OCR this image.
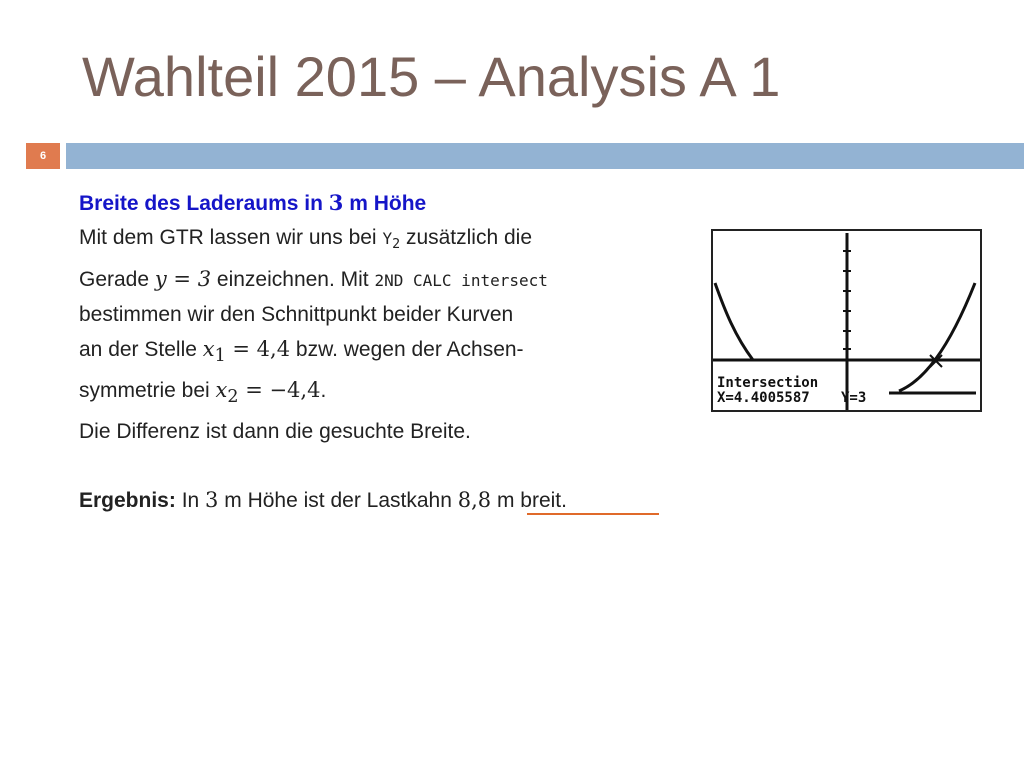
Wahlteil 2015 – Analysis A 1
6

Breite des Laderaums in 3 m Höhe

Mit dem GTR lassen wir uns bei $Y_2$ zusätzlich die

Gerade y = 3 einzeichnen. Mit 2ND CALC intersect

bestimmen wir den Schnittpunkt beider Kurven

an der Stelle $x_1 = 4,4$ bzw. wegen der Achsen-

symmetrie bei $x_2 = -4,4$.

Die Differenz ist dann die gesuchte Breite.

Ergebnis: In 3 m Höhe ist der Lastkahn 8,8 m breit.

Intersection
X=4.4005587 Y=3
